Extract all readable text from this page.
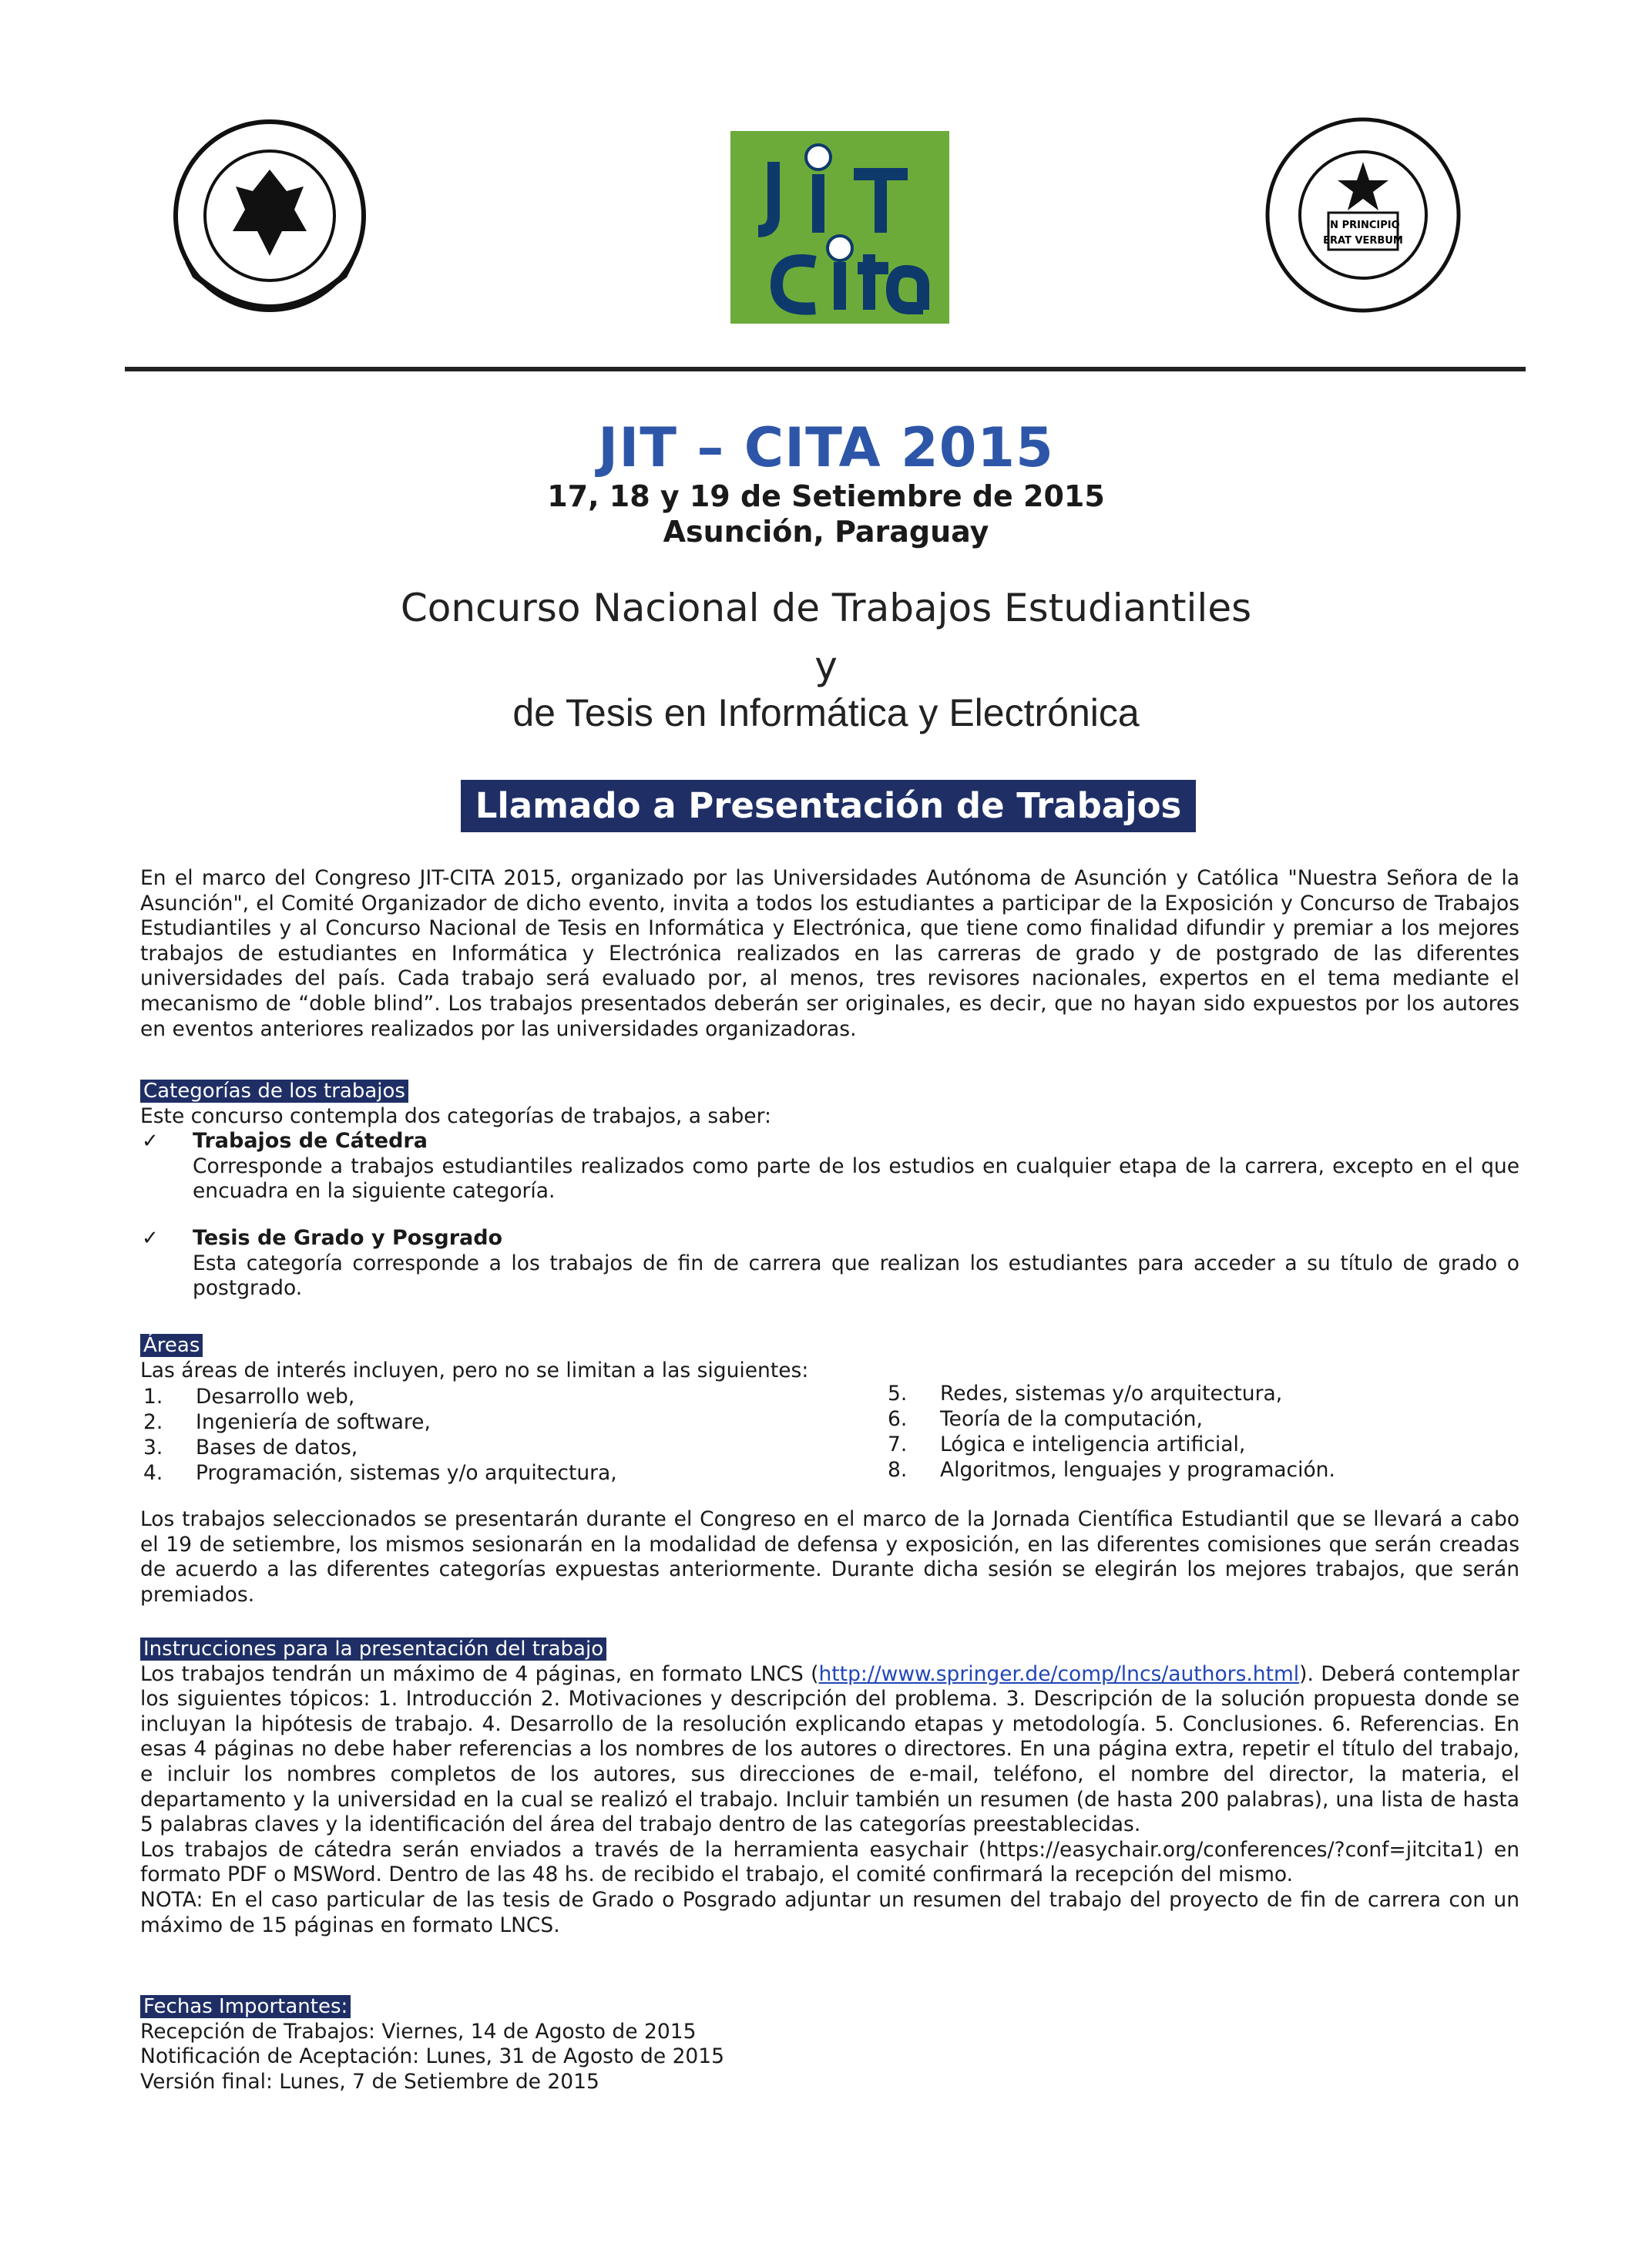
IN PRINCIPIO
ERAT VERBUM
JIT – CITA 2015
17, 18 y 19 de Setiembre de 2015
Asunción, Paraguay
Concurso Nacional de Trabajos Estudiantiles
y
de Tesis en Informática y Electrónica
Llamado a Presentación de Trabajos

En el marco del Congreso JIT-CITA 2015, organizado por las Universidades Autónoma de Asunción y Católica "Nuestra Señora de la Asunción", el Comité Organizador de dicho evento, invita a todos los estudiantes a participar de la Exposición y Concurso de Trabajos Estudiantiles y al Concurso Nacional de Tesis en Informática y Electrónica, que tiene como finalidad difundir y premiar a los mejores trabajos de estudiantes en Informática y Electrónica realizados en las carreras de grado y de postgrado de las diferentes universidades del país. Cada trabajo será evaluado por, al menos, tres revisores nacionales, expertos en el tema mediante el mecanismo de “doble blind”. Los trabajos presentados deberán ser originales, es decir, que no hayan sido expuestos por los autores en eventos anteriores realizados por las universidades organizadoras.

Categorías de los trabajos
Este concurso contempla dos categorías de trabajos, a saber:
✓ Trabajos de Cátedra
Corresponde a trabajos estudiantiles realizados como parte de los estudios en cualquier etapa de la carrera, excepto en el que encuadra en la siguiente categoría.
✓ Tesis de Grado y Posgrado
Esta categoría corresponde a los trabajos de fin de carrera que realizan los estudiantes para acceder a su título de grado o postgrado.
Áreas
Las áreas de interés incluyen, pero no se limitan a las siguientes:
1. Desarrollo web,
2. Ingeniería de software,
3. Bases de datos,
4. Programación, sistemas y/o arquitectura,
5. Redes, sistemas y/o arquitectura,
6. Teoría de la computación,
7. Lógica e inteligencia artificial,
8. Algoritmos, lenguajes y programación.

Los trabajos seleccionados se presentarán durante el Congreso en el marco de la Jornada Científica Estudiantil que se llevará a cabo el 19 de setiembre, los mismos sesionarán en la modalidad de defensa y exposición, en las diferentes comisiones que serán creadas de acuerdo a las diferentes categorías expuestas anteriormente. Durante dicha sesión se elegirán los mejores trabajos, que serán premiados.

Instrucciones para la presentación del trabajo

Los trabajos tendrán un máximo de 4 páginas, en formato LNCS (http://www.springer.de/comp/lncs/authors.html). Deberá contemplar los siguientes tópicos: 1. Introducción 2. Motivaciones y descripción del problema. 3. Descripción de la solución propuesta donde se incluyan la hipótesis de trabajo. 4. Desarrollo de la resolución explicando etapas y metodología. 5. Conclusiones. 6. Referencias. En esas 4 páginas no debe haber referencias a los nombres de los autores o directores. En una página extra, repetir el título del trabajo, e incluir los nombres completos de los autores, sus direcciones de e-mail, teléfono, el nombre del director, la materia, el departamento y la universidad en la cual se realizó el trabajo. Incluir también un resumen (de hasta 200 palabras), una lista de hasta 5 palabras claves y la identificación del área del trabajo dentro de las categorías preestablecidas.

Los trabajos de cátedra serán enviados a través de la herramienta easychair (https://easychair.org/conferences/?conf=jitcita1) en formato PDF o MSWord. Dentro de las 48 hs. de recibido el trabajo, el comité confirmará la recepción del mismo.

NOTA: En el caso particular de las tesis de Grado o Posgrado adjuntar un resumen del trabajo del proyecto de fin de carrera con un máximo de 15 páginas en formato LNCS.

Fechas Importantes:
Recepción de Trabajos: Viernes, 14 de Agosto de 2015
Notificación de Aceptación: Lunes, 31 de Agosto de 2015
Versión final: Lunes, 7 de Setiembre de 2015
